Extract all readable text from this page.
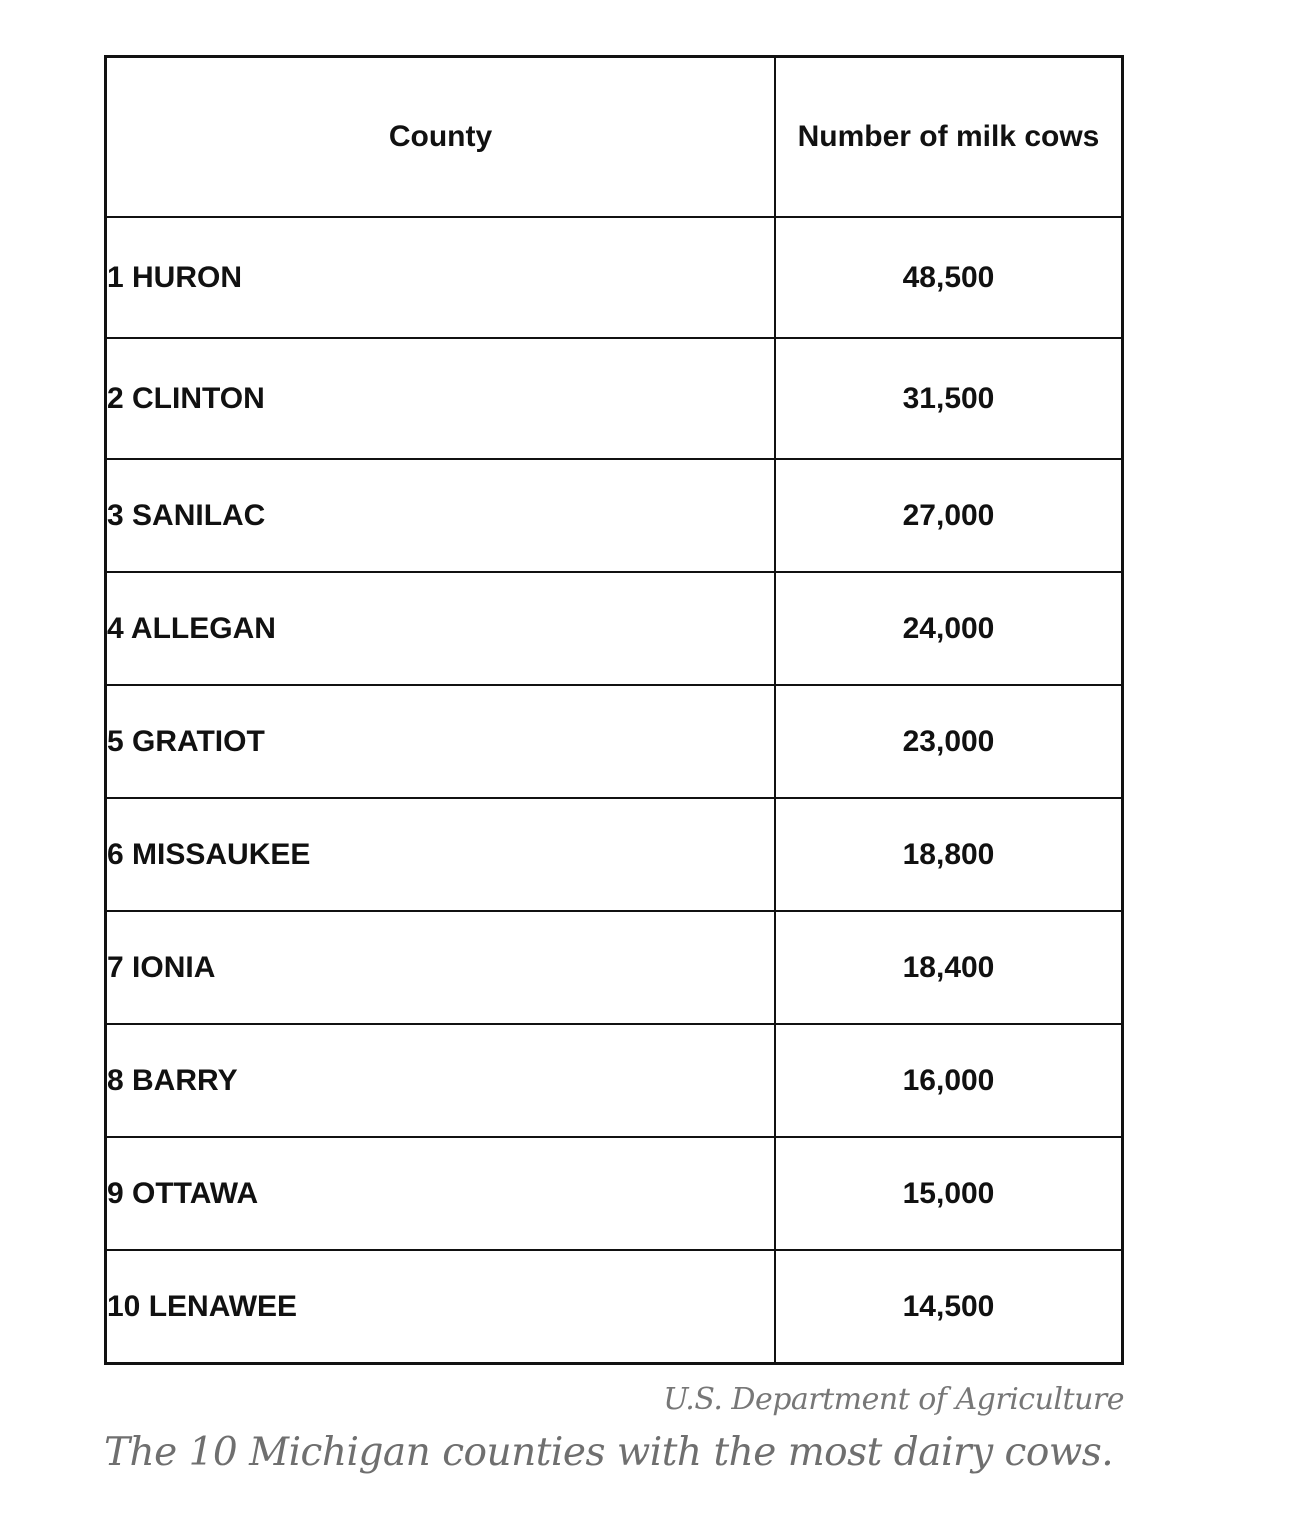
County	Number of milk cows
1 HURON	48,500
2 CLINTON	31,500
3 SANILAC	27,000
4 ALLEGAN	24,000
5 GRATIOT	23,000
6 MISSAUKEE	18,800
7 IONIA	18,400
8 BARRY	16,000
9 OTTAWA	15,000
10 LENAWEE	14,500
U.S. Department of Agriculture
The 10 Michigan counties with the most dairy cows.
